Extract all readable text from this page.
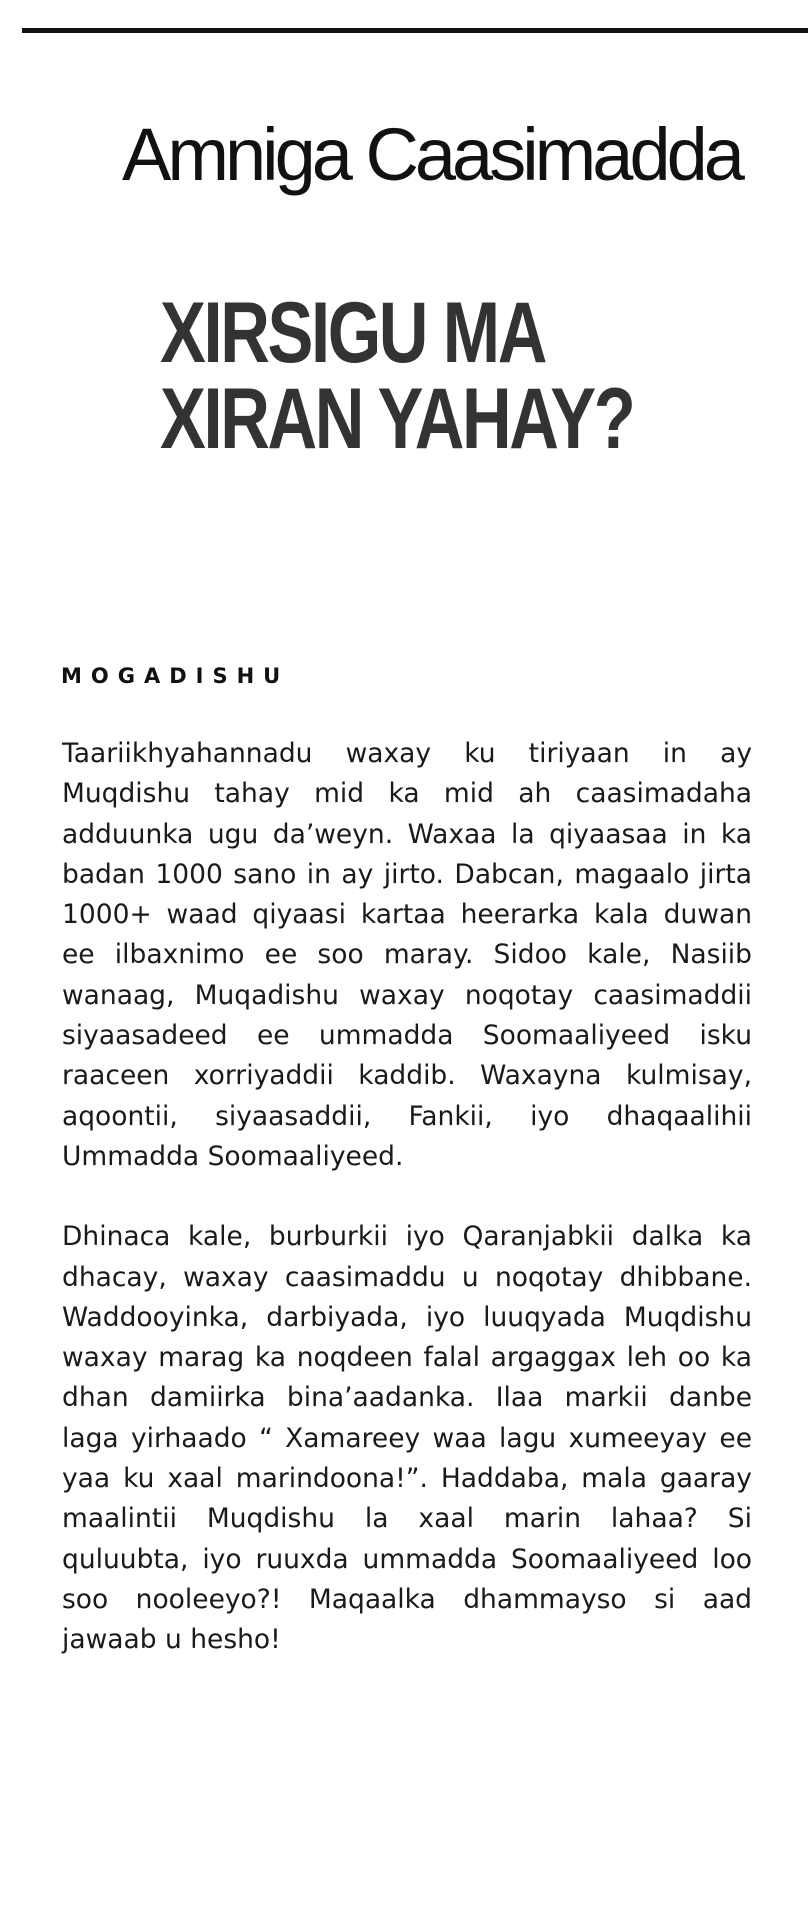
Amniga Caasimadda
XIRSIGU MA
XIRAN YAHAY?
MOGADISHU

Taariikhyahannadu waxay ku tiriyaan in ay Muqdishu tahay mid ka mid ah caasimadaha adduunka ugu da’weyn. Waxaa la qiyaasaa in ka badan 1000 sano in ay jirto. Dabcan, magaalo jirta 1000+ waad qiyaasi kartaa heerarka kala duwan ee ilbaxnimo ee soo maray. Sidoo kale, Nasiib wanaag, Muqadishu waxay noqotay caasimaddii siyaasadeed ee ummadda Soomaaliyeed isku raaceen xorriyaddii kaddib. Waxayna kulmisay, aqoontii, siyaasaddii, Fankii, iyo dhaqaalihii Ummadda Soomaaliyeed.

Dhinaca kale, burburkii iyo Qaranjabkii dalka ka dhacay, waxay caasimaddu u noqotay dhibbane. Waddooyinka, darbiyada, iyo luuqyada Muqdishu waxay marag ka noqdeen falal argaggax leh oo ka dhan damiirka bina’aadanka. Ilaa markii danbe laga yirhaado “ Xamareey waa lagu xumeeyay ee yaa ku xaal marindoona!”. Haddaba, mala gaaray maalintii Muqdishu la xaal marin lahaa? Si quluubta, iyo ruuxda ummadda Soomaaliyeed loo soo nooleeyo?! Maqaalka dhammayso si aad jawaab u hesho!
